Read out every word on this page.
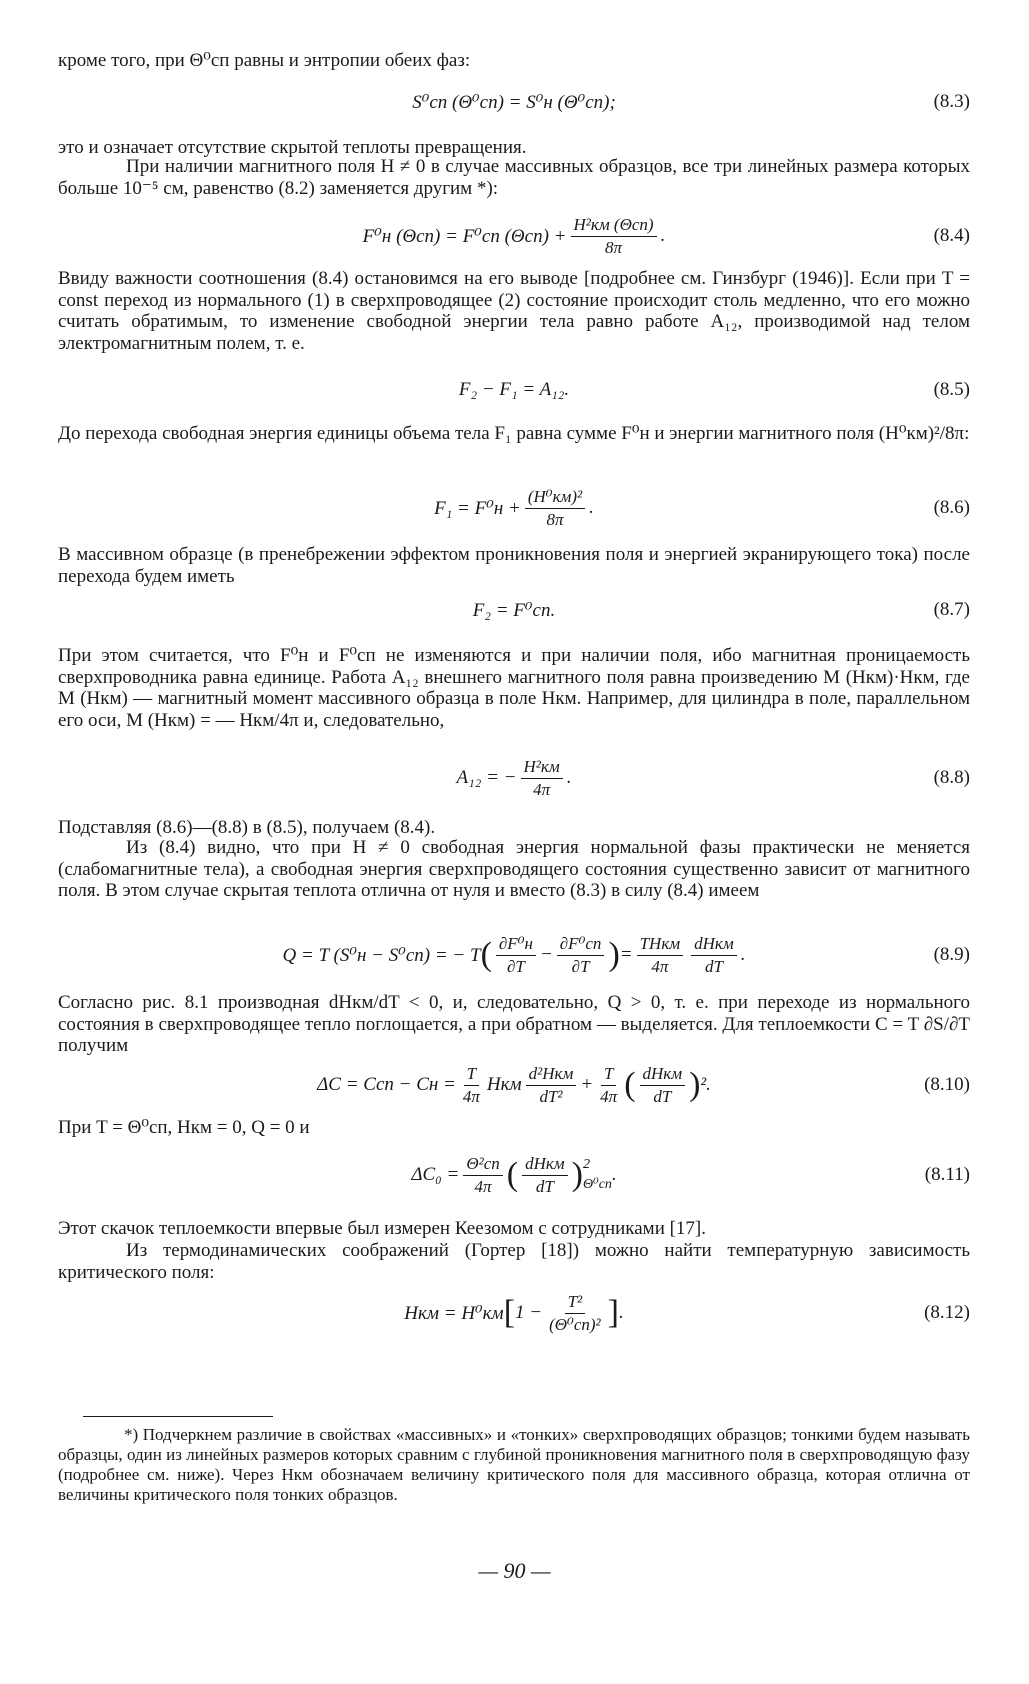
кроме того, при Θ⁰сп равны и энтропии обеих фаз:

S⁰сп (Θ⁰сп) = S⁰н (Θ⁰сп);	(8.3)

это и означает отсутствие скрытой теплоты превращения.

При наличии магнитного поля H ≠ 0 в случае массивных образцов, все три линейных размера которых больше 10⁻⁵ см, равенство (8.2) заменяется другим *):

F⁰н (Θсп) = F⁰сп (Θсп) +
H²км (Θсп)
8π
.	(8.4)

Ввиду важности соотношения (8.4) остановимся на его выводе [подробнее см. Гинзбург (1946)]. Если при T = const переход из нормального (1) в сверхпроводящее (2) состояние происходит столь медленно, что его можно считать обратимым, то изменение свободной энергии тела равно работе A₁₂, производимой над телом электромагнитным полем, т. е.

F₂ − F₁ = A₁₂.	(8.5)

До перехода свободная энергия единицы объема тела F₁ равна сумме F⁰н и энергии магнитного поля (H⁰км)²/8π:

F₁ = F⁰н +
(H⁰км)²
8π
.	(8.6)

В массивном образце (в пренебрежении эффектом проникновения поля и энергией экранирующего тока) после перехода будем иметь

F₂ = F⁰сп.	(8.7)

При этом считается, что F⁰н и F⁰сп не изменяются и при наличии поля, ибо магнитная проницаемость сверхпроводника равна единице. Работа A₁₂ внешнего магнитного поля равна произведению M (Hкм)·Hкм, где M (Hкм) — магнитный момент массивного образца в поле Hкм. Например, для цилиндра в поле, параллельном его оси, M (Hкм) = — Hкм/4π и, следовательно,

A₁₂ = −
H²км
4π
.	(8.8)

Подставляя (8.6)—(8.8) в (8.5), получаем (8.4).

Из (8.4) видно, что при H ≠ 0 свободная энергия нормальной фазы практически не меняется (слабомагнитные тела), а свободная энергия сверхпроводящего состояния существенно зависит от магнитного поля. В этом случае скрытая теплота отлична от нуля и вместо (8.3) в силу (8.4) имеем

Q = T (S⁰н − S⁰сп) = − T ( ∂F⁰н
∂T
−
∂F⁰сп
∂T ) =
THкм
4π
dHкм
dT
.	(8.9)

Согласно рис. 8.1 производная dHкм/dT < 0, и, следовательно, Q > 0, т. е. при переходе из нормального состояния в сверхпроводящее тепло поглощается, а при обратном — выделяется. Для теплоемкости C = T ∂S/∂T получим

ΔC = Cсп − Cн = $\frac{T}{4\pi}$ Hкм
d²Hкм
dT²
+ $\frac{T}{4\pi}$ ( dHкм
dT ) ².	(8.10)

При T = Θ⁰сп, Hкм = 0, Q = 0 и

ΔC₀ =
Θ²сп
4π ( dHкм
dT ) 2
Θ⁰сп .	(8.11)

Этот скачок теплоемкости впервые был измерен Кеезомом с сотрудниками [17].

Из термодинамических соображений (Гортер [18]) можно найти температурную зависимость критического поля:

Hкм = H⁰км [ 1 −
T²
(Θ⁰сп)² ] .	(8.12)

*) Подчеркнем различие в свойствах «массивных» и «тонких» сверхпроводящих образцов; тонкими будем называть образцы, один из линейных размеров которых сравним с глубиной проникновения магнитного поля в сверхпроводящую фазу (подробнее см. ниже). Через Hкм обозначаем величину критического поля для массивного образца, которая отлична от величины критического поля тонких образцов.

— 90 —
